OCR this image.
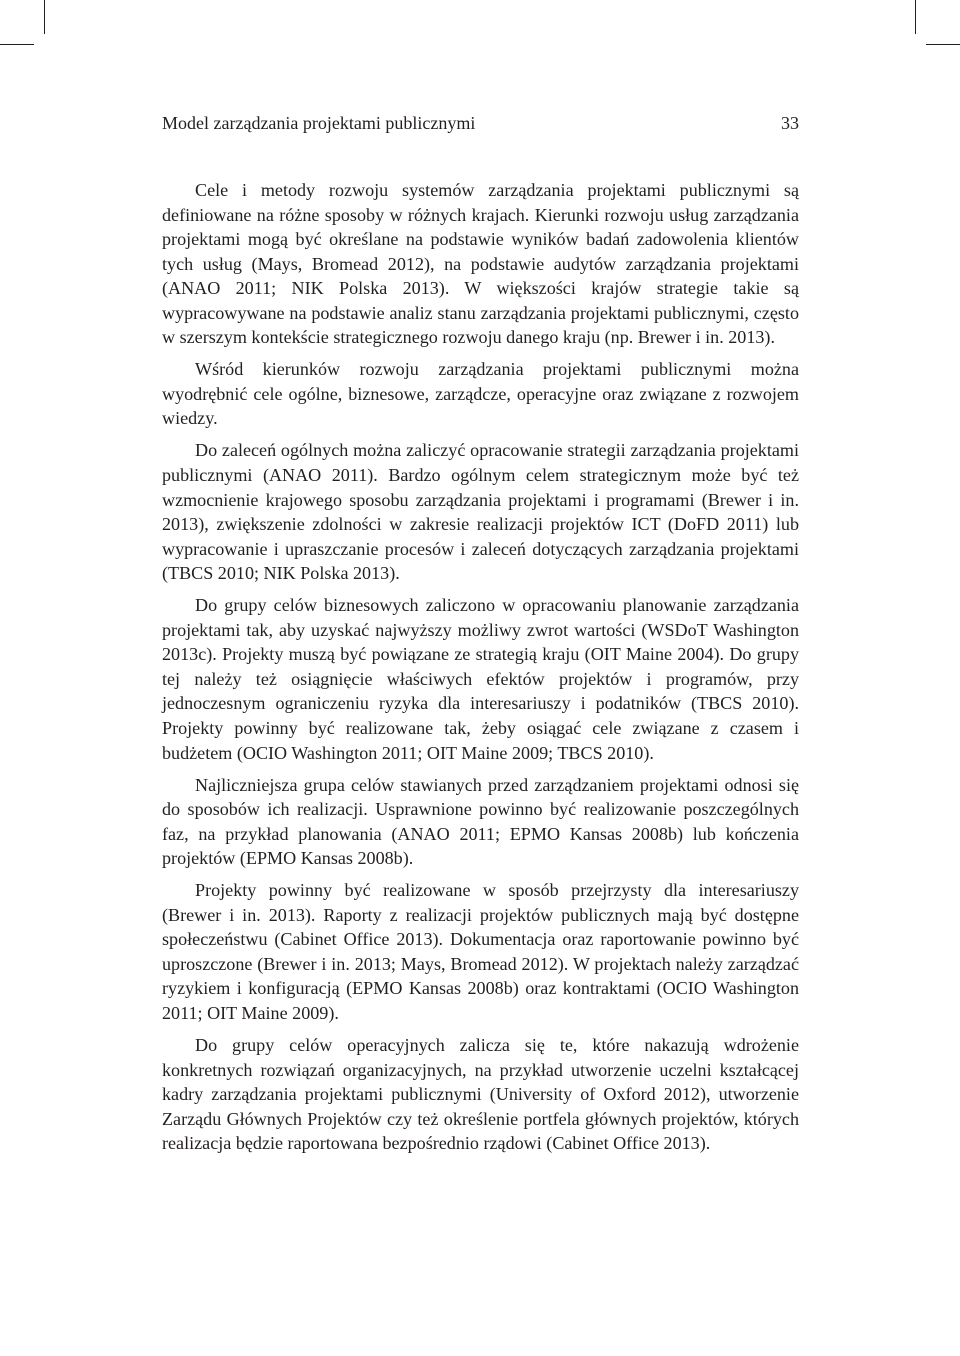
Model zarządzania projektami publicznymi	33

Cele i metody rozwoju systemów zarządzania projektami publicznymi są definiowane na różne sposoby w różnych krajach. Kierunki rozwoju usług zarządzania projektami mogą być określane na podstawie wyników badań zadowolenia klientów tych usług (Mays, Bromead 2012), na podstawie audytów zarządzania projektami (ANAO 2011; NIK Polska 2013). W większości krajów strategie takie są wypracowywane na podstawie analiz stanu zarządzania projektami publicznymi, często w szerszym kontekście strategicznego rozwoju danego kraju (np. Brewer i in. 2013).

Wśród kierunków rozwoju zarządzania projektami publicznymi można wyodrębnić cele ogólne, biznesowe, zarządcze, operacyjne oraz związane z rozwojem wiedzy.

Do zaleceń ogólnych można zaliczyć opracowanie strategii zarządzania projektami publicznymi (ANAO 2011). Bardzo ogólnym celem strategicznym może być też wzmocnienie krajowego sposobu zarządzania projektami i programami (Brewer i in. 2013), zwiększenie zdolności w zakresie realizacji projektów ICT (DoFD 2011) lub wypracowanie i upraszczanie procesów i zaleceń dotyczących zarządzania projektami (TBCS 2010; NIK Polska 2013).

Do grupy celów biznesowych zaliczono w opracowaniu planowanie zarządzania projektami tak, aby uzyskać najwyższy możliwy zwrot wartości (WSDoT Washington 2013c). Projekty muszą być powiązane ze strategią kraju (OIT Maine 2004). Do grupy tej należy też osiągnięcie właściwych efektów projektów i programów, przy jednoczesnym ograniczeniu ryzyka dla interesariuszy i podatników (TBCS 2010). Projekty powinny być realizowane tak, żeby osiągać cele związane z czasem i budżetem (OCIO Washington 2011; OIT Maine 2009; TBCS 2010).

Najliczniejsza grupa celów stawianych przed zarządzaniem projektami odnosi się do sposobów ich realizacji. Usprawnione powinno być realizowanie poszczególnych faz, na przykład planowania (ANAO 2011; EPMO Kansas 2008b) lub kończenia projektów (EPMO Kansas 2008b).

Projekty powinny być realizowane w sposób przejrzysty dla interesariuszy (Brewer i in. 2013). Raporty z realizacji projektów publicznych mają być dostępne społeczeństwu (Cabinet Office 2013). Dokumentacja oraz raportowanie powinno być uproszczone (Brewer i in. 2013; Mays, Bromead 2012). W projektach należy zarządzać ryzykiem i konfiguracją (EPMO Kansas 2008b) oraz kontraktami (OCIO Washington 2011; OIT Maine 2009).

Do grupy celów operacyjnych zalicza się te, które nakazują wdrożenie konkretnych rozwiązań organizacyjnych, na przykład utworzenie uczelni kształcącej kadry zarządzania projektami publicznymi (University of Oxford 2012), utworzenie Zarządu Głównych Projektów czy też określenie portfela głównych projektów, których realizacja będzie raportowana bezpośrednio rządowi (Cabinet Office 2013).
